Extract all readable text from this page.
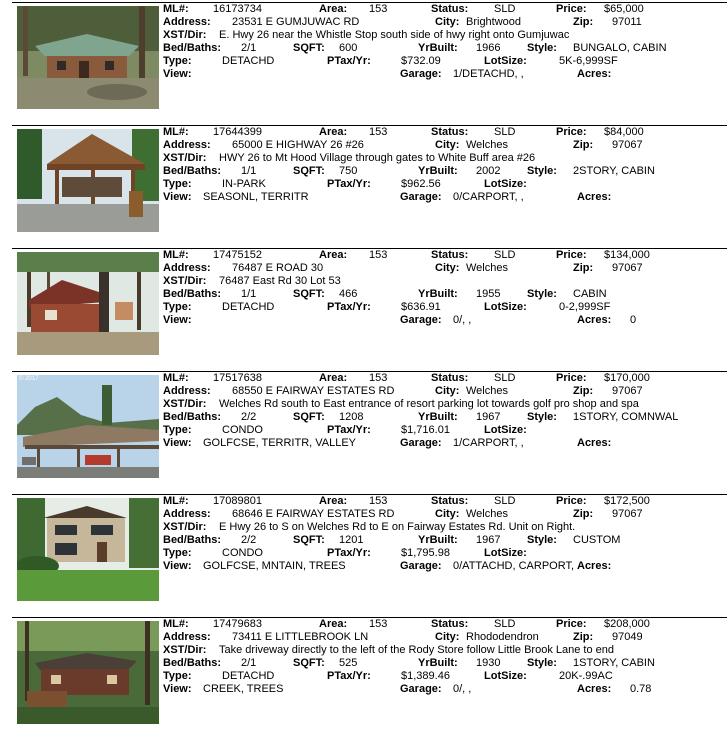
ML#: 16173734	Area: 153	Status: SLD	Price: $65,000
Address: 23531 E GUMJUWAC RD	City: Brightwood	Zip: 97011
XST/Dir: E. Hwy 26 near the Whistle Stop south side of hwy right onto Gumjuwac
Bed/Baths: 2/1	SQFT: 600	YrBuilt: 1966 Style: BUNGALO, CABIN
Type:	DETACHD	PTax/Yr:	$732.09	LotSize:	5K-6,999SF
View:	Garage: 1/DETACHD, ,	Acres:
ML#: 17644399	Area: 153	Status: SLD	Price: $84,000
Address: 65000 E HIGHWAY 26 #26	City: Welches	Zip: 97067
XST/Dir: HWY 26 to Mt Hood Village through gates to White Buff area #26
Bed/Baths: 1/1	SQFT: 750	YrBuilt: 2002 Style: 2STORY, CABIN
Type:	IN-PARK	PTax/Yr:	$962.56	LotSize:
View: SEASONL, TERRITR	Garage: 0/CARPORT, ,	Acres:
ML#: 17475152	Area: 153	Status: SLD	Price: $134,000
Address: 76487 E ROAD 30	City: Welches	Zip: 97067
XST/Dir: 76487 East Rd 30 Lot 53
Bed/Baths: 1/1	SQFT: 466	YrBuilt: 1955 Style: CABIN
Type:	DETACHD	PTax/Yr:	$636.91	LotSize:	0-2,999SF
View:	Garage: 0/, ,	Acres: 0
© 2017	ML#: 17517638	Area: 153	Status: SLD	Price: $170,000
Address: 68550 E FAIRWAY ESTATES RD	City: Welches	Zip: 97067
XST/Dir: Welches Rd south to East entrance of resort parking lot towards golf pro shop and spa
Bed/Baths: 2/2	SQFT: 1208	YrBuilt: 1967 Style: 1STORY, COMNWAL
Type:	CONDO	PTax/Yr:	$1,716.01	LotSize:
View: GOLFCSE, TERRITR, VALLEY	Garage: 1/CARPORT, ,	Acres:
ML#: 17089801	Area: 153	Status: SLD	Price: $172,500
Address: 68646 E FAIRWAY ESTATES RD	City: Welches	Zip: 97067
XST/Dir: E Hwy 26 to S on Welches Rd to E on Fairway Estates Rd. Unit on Right.
Bed/Baths: 2/2	SQFT: 1201	YrBuilt: 1967 Style: CUSTOM
Type:	CONDO	PTax/Yr:	$1,795.98	LotSize:
View: GOLFCSE, MNTAIN, TREES	Garage: 0/ATTACHD, CARPORT, Acres:
ML#: 17479683	Area: 153	Status: SLD	Price: $208,000
Address: 73411 E LITTLEBROOK LN	City: Rhododendron	Zip: 97049
XST/Dir: Take driveway directly to the left of the Rody Store follow Little Brook Lane to end
Bed/Baths: 2/1	SQFT: 525	YrBuilt: 1930 Style: 1STORY, CABIN
Type:	DETACHD	PTax/Yr:	$1,389.46	LotSize:	20K-.99AC
View: CREEK, TREES	Garage: 0/, ,	Acres: 0.78
